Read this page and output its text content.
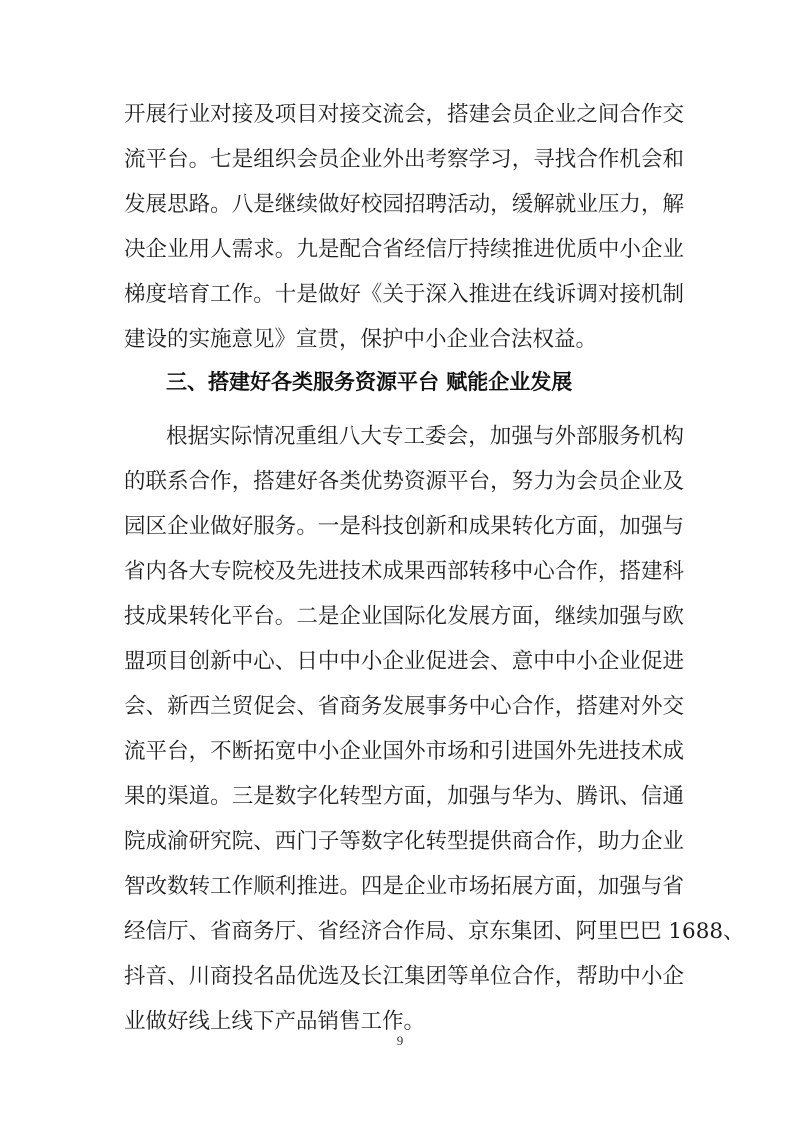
开展行业对接及项目对接交流会，搭建会员企业之间合作交
流平台。七是组织会员企业外出考察学习，寻找合作机会和
发展思路。八是继续做好校园招聘活动，缓解就业压力，解
决企业用人需求。九是配合省经信厅持续推进优质中小企业
梯度培育工作。十是做好《关于深入推进在线诉调对接机制
建设的实施意见》宣贯，保护中小企业合法权益。
三、搭建好各类服务资源平台 赋能企业发展
根据实际情况重组八大专工委会，加强与外部服务机构
的联系合作，搭建好各类优势资源平台，努力为会员企业及
园区企业做好服务。一是科技创新和成果转化方面，加强与
省内各大专院校及先进技术成果西部转移中心合作，搭建科
技成果转化平台。二是企业国际化发展方面，继续加强与欧
盟项目创新中心、日中中小企业促进会、意中中小企业促进
会、新西兰贸促会、省商务发展事务中心合作，搭建对外交
流平台，不断拓宽中小企业国外市场和引进国外先进技术成
果的渠道。三是数字化转型方面，加强与华为、腾讯、信通
院成渝研究院、西门子等数字化转型提供商合作，助力企业
智改数转工作顺利推进。四是企业市场拓展方面，加强与省
经信厅、省商务厅、省经济合作局、京东集团、阿里巴巴 1688、
抖音、川商投名品优选及长江集团等单位合作，帮助中小企
业做好线上线下产品销售工作。
9
